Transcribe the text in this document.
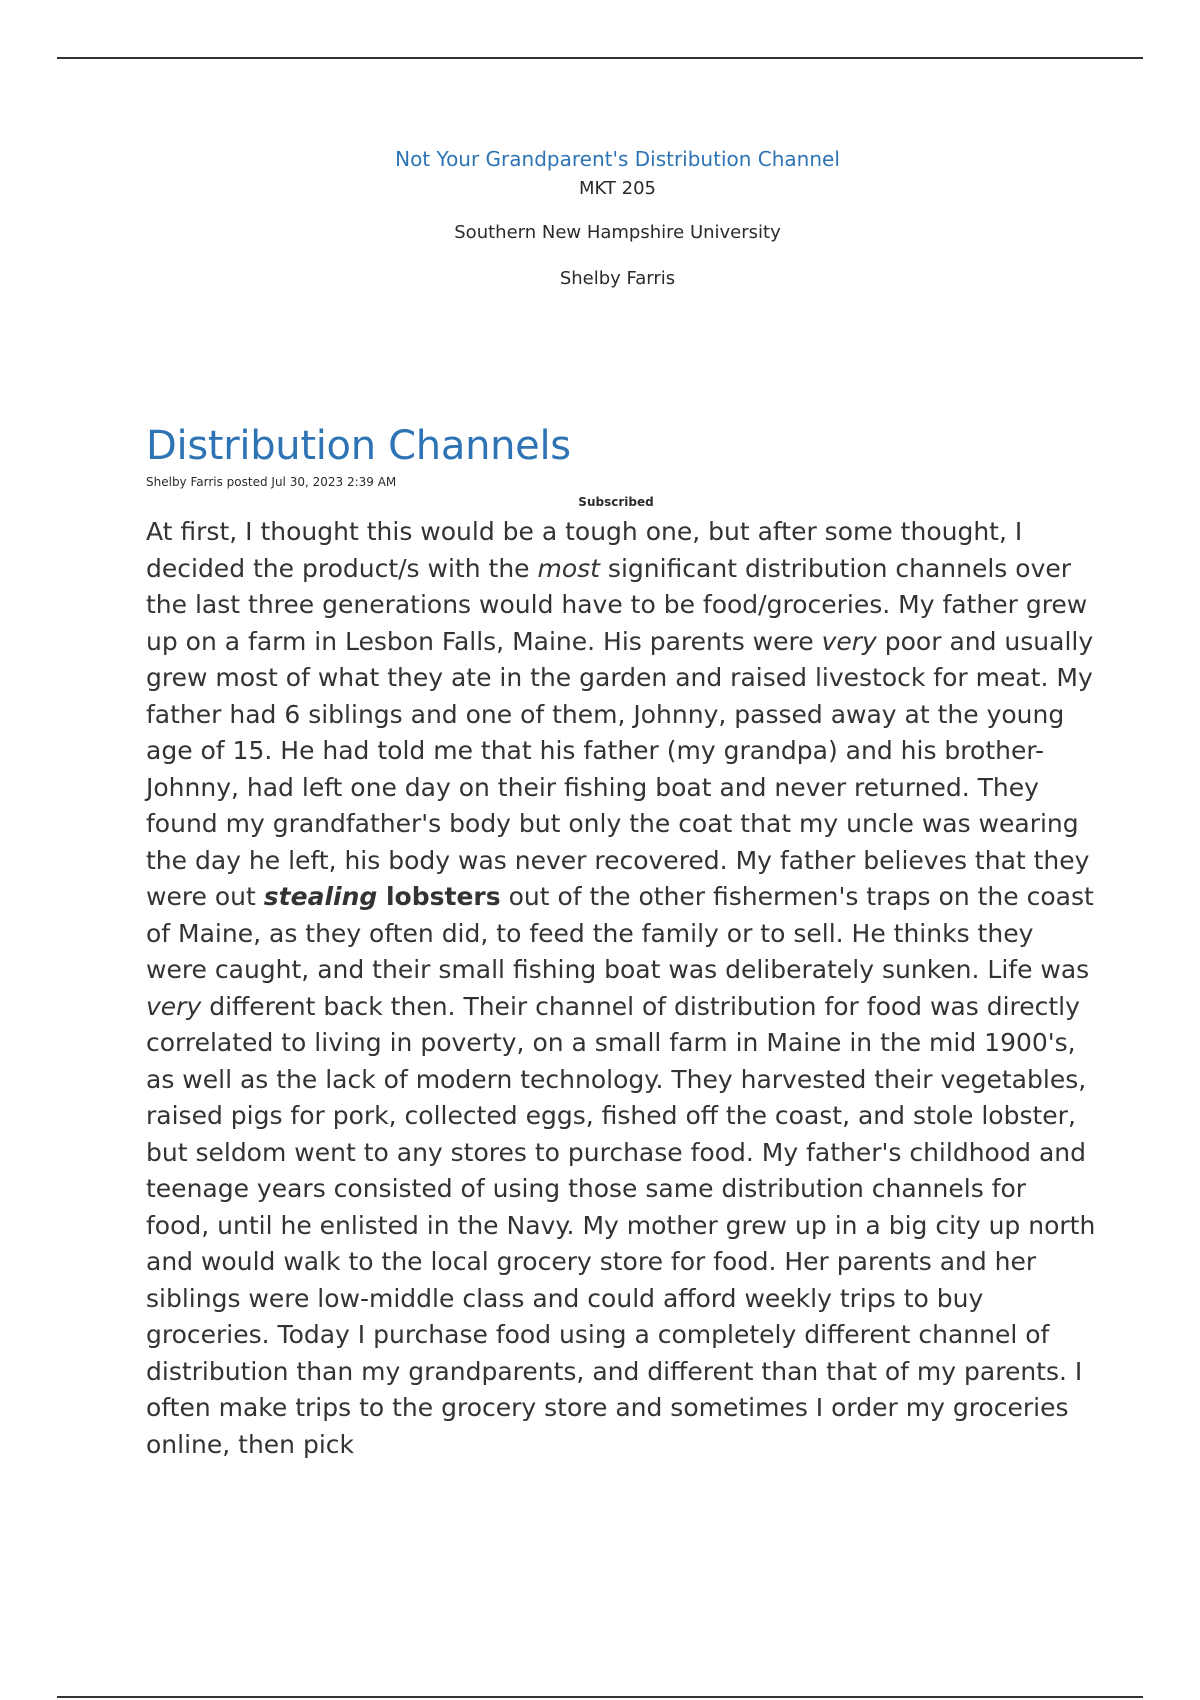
Not Your Grandparent's Distribution Channel

MKT 205

Southern New Hampshire University

Shelby Farris

Distribution Channels

Shelby Farris posted Jul 30, 2023 2:39 AM

Subscribed

At first, I thought this would be a tough one, but after some thought, I decided the product/s with the most significant distribution channels over the last three generations would have to be food/groceries. My father grew up on a farm in Lesbon Falls, Maine. His parents were very poor and usually grew most of what they ate in the garden and raised livestock for meat. My father had 6 siblings and one of them, Johnny, passed away at the young age of 15. He had told me that his father (my grandpa) and his brother- Johnny, had left one day on their fishing boat and never returned. They found my grandfather's body but only the coat that my uncle was wearing the day he left, his body was never recovered. My father believes that they were out stealing lobsters out of the other fishermen's traps on the coast of Maine, as they often did, to feed the family or to sell. He thinks they were caught, and their small fishing boat was deliberately sunken. Life was very different back then. Their channel of distribution for food was directly correlated to living in poverty, on a small farm in Maine in the mid 1900's, as well as the lack of modern technology. They harvested their vegetables, raised pigs for pork, collected eggs, fished off the coast, and stole lobster, but seldom went to any stores to purchase food. My father's childhood and teenage years consisted of using those same distribution channels for food, until he enlisted in the Navy. My mother grew up in a big city up north and would walk to the local grocery store for food. Her parents and her siblings were low-middle class and could afford weekly trips to buy groceries. Today I purchase food using a completely different channel of distribution than my grandparents, and different than that of my parents. I often make trips to the grocery store and sometimes I order my groceries online, then pick
